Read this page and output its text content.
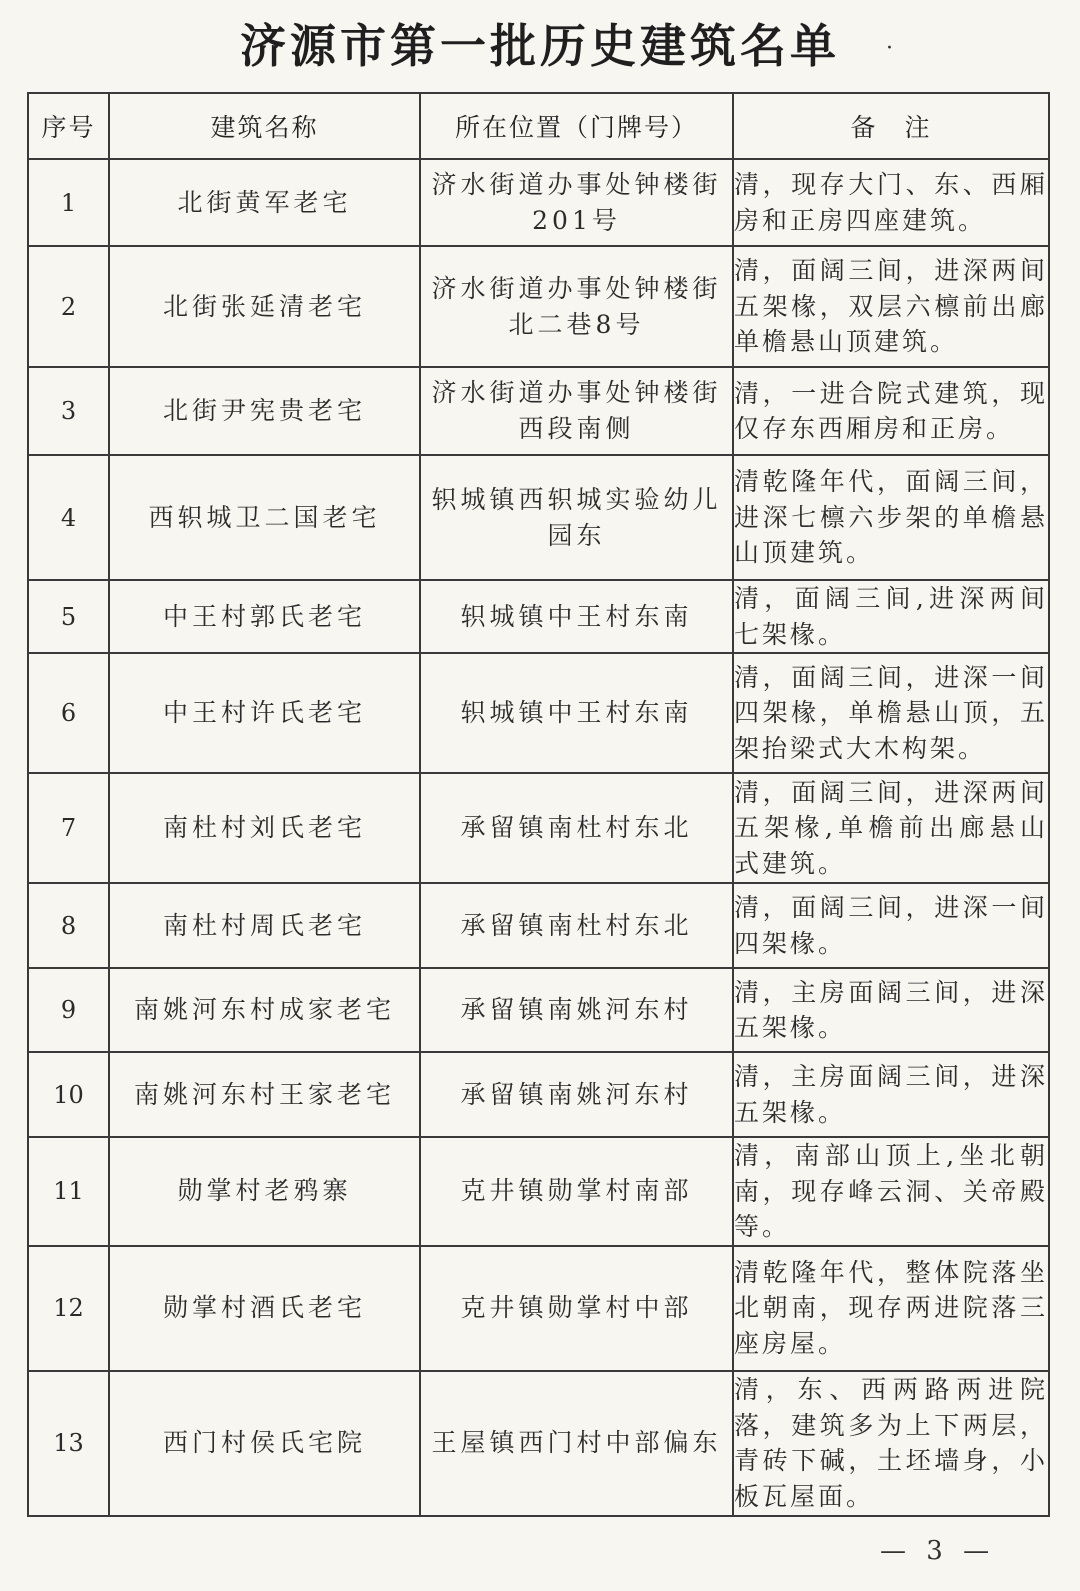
济源市第一批历史建筑名单	·
序号	建筑名称	所在位置（门牌号）	备　注
1	北街黄军老宅	济水街道办事处钟楼街201号	清，现存大门、东、西厢房和正房四座建筑。
2	北街张延清老宅	济水街道办事处钟楼街北二巷8号	清，面阔三间，进深两间五架椽，双层六檩前出廊单檐悬山顶建筑。
3	北街尹宪贵老宅	济水街道办事处钟楼街西段南侧	清，一进合院式建筑，现仅存东西厢房和正房。
4	西轵城卫二国老宅	轵城镇西轵城实验幼儿园东	清乾隆年代，面阔三间，进深七檩六步架的单檐悬山顶建筑。
5	中王村郭氏老宅	轵城镇中王村东南	清，面阔三间,进深两间七架椽。
6	中王村许氏老宅	轵城镇中王村东南	清，面阔三间，进深一间四架椽，单檐悬山顶，五架抬梁式大木构架。
7	南杜村刘氏老宅	承留镇南杜村东北	清，面阔三间，进深两间五架椽,单檐前出廊悬山式建筑。
8	南杜村周氏老宅	承留镇南杜村东北	清，面阔三间，进深一间四架椽。
9	南姚河东村成家老宅	承留镇南姚河东村	清，主房面阔三间，进深五架椽。
10	南姚河东村王家老宅	承留镇南姚河东村	清，主房面阔三间，进深五架椽。
11	勋掌村老鸦寨	克井镇勋掌村南部	清，南部山顶上,坐北朝南，现存峰云洞、关帝殿等。
12	勋掌村酒氏老宅	克井镇勋掌村中部	清乾隆年代，整体院落坐北朝南，现存两进院落三座房屋。
13	西门村侯氏宅院	王屋镇西门村中部偏东	清，东、西两路两进院落，建筑多为上下两层，青砖下碱，土坯墙身，小板瓦屋面。
— 3 —
